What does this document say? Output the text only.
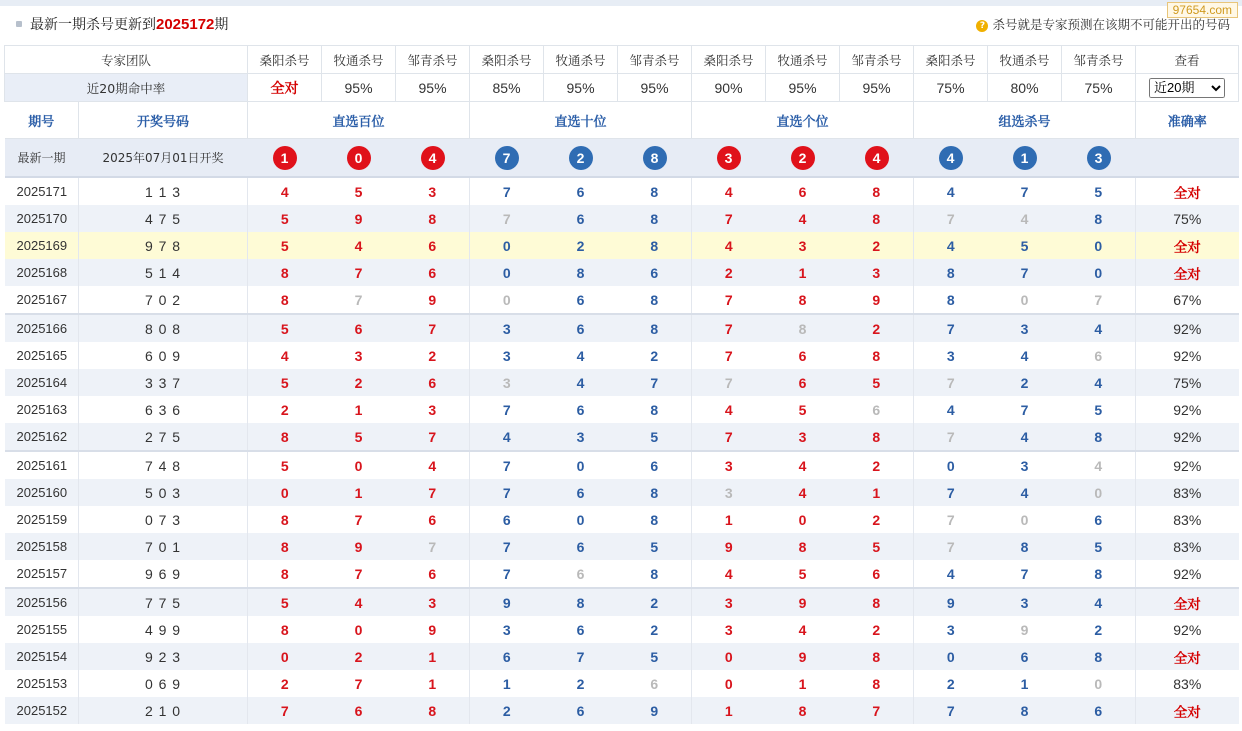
97654.com
最新一期杀号更新到2025172期	? 杀号就是专家预测在该期不可能开出的号码
专家团队		桑阳杀号	牧通杀号	邹青杀号	桑阳杀号	牧通杀号	邹青杀号	桑阳杀号	牧通杀号	邹青杀号	桑阳杀号	牧通杀号	邹青杀号	查看
近20期命中率		全对	95%	95%	85%	95%	95%	90%	95%	95%	75%	80%	75%	
近20期
期号	开奖号码	直选百位			直选十位			直选个位			组选杀号			准确率
最新一期	2025年07月01日开奖	1	0	4	7	2	8	3	2	4	4	1	3	
2025171	1 1 3	4	5	3	7	6	8	4	6	8	4	7	5	全对
2025170	4 7 5	5	9	8	7	6	8	7	4	8	7	4	8	75%
2025169	9 7 8	5	4	6	0	2	8	4	3	2	4	5	0	全对
2025168	5 1 4	8	7	6	0	8	6	2	1	3	8	7	0	全对
2025167	7 0 2	8	7	9	0	6	8	7	8	9	8	0	7	67%
2025166	8 0 8	5	6	7	3	6	8	7	8	2	7	3	4	92%
2025165	6 0 9	4	3	2	3	4	2	7	6	8	3	4	6	92%
2025164	3 3 7	5	2	6	3	4	7	7	6	5	7	2	4	75%
2025163	6 3 6	2	1	3	7	6	8	4	5	6	4	7	5	92%
2025162	2 7 5	8	5	7	4	3	5	7	3	8	7	4	8	92%
2025161	7 4 8	5	0	4	7	0	6	3	4	2	0	3	4	92%
2025160	5 0 3	0	1	7	7	6	8	3	4	1	7	4	0	83%
2025159	0 7 3	8	7	6	6	0	8	1	0	2	7	0	6	83%
2025158	7 0 1	8	9	7	7	6	5	9	8	5	7	8	5	83%
2025157	9 6 9	8	7	6	7	6	8	4	5	6	4	7	8	92%
2025156	7 7 5	5	4	3	9	8	2	3	9	8	9	3	4	全对
2025155	4 9 9	8	0	9	3	6	2	3	4	2	3	9	2	92%
2025154	9 2 3	0	2	1	6	7	5	0	9	8	0	6	8	全对
2025153	0 6 9	2	7	1	1	2	6	0	1	8	2	1	0	83%
2025152	2 1 0	7	6	8	2	6	9	1	8	7	7	8	6	全对
